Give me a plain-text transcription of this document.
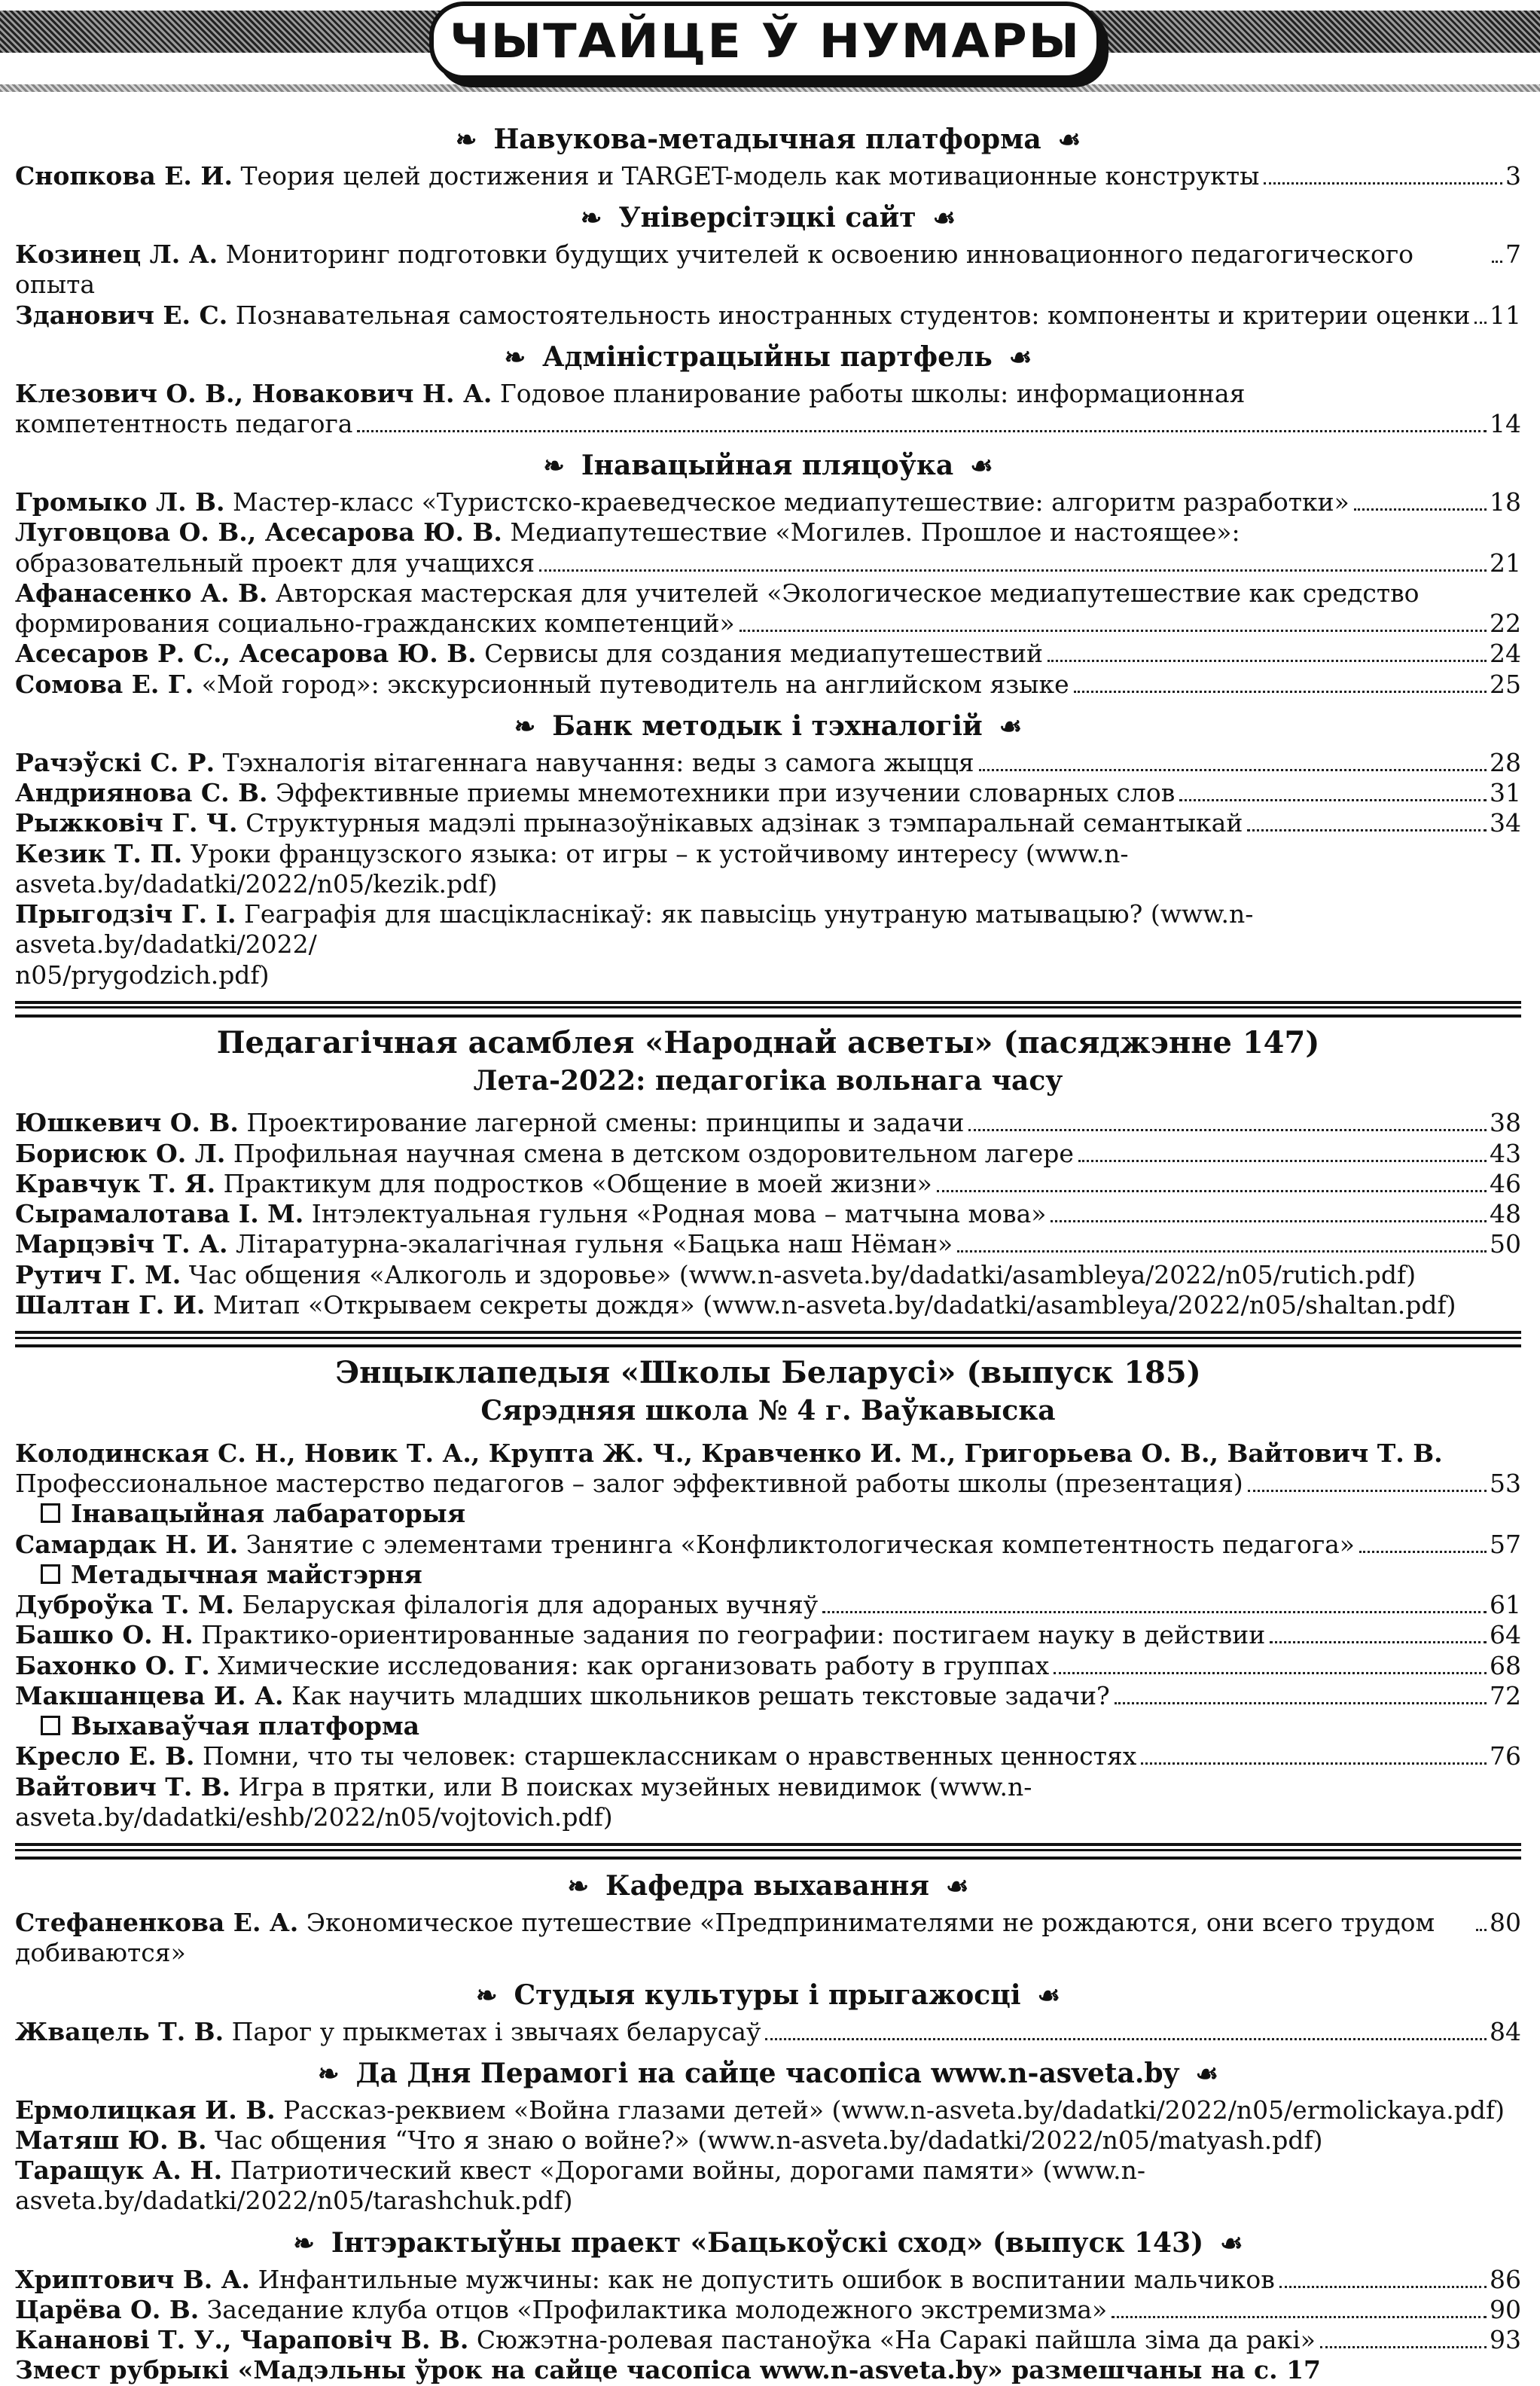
ЧЫТАЙЦЕ Ў НУМАРЫ
❧ Навукова-метадычная платформа ☙
Снопкова Е. И. Теория целей достижения и TARGET-модель как мотивационные конструкты	3
❧ Універсітэцкі сайт ☙
Козинец Л. А. Мониторинг подготовки будущих учителей к освоению инновационного педагогического опыта
7
Зданович Е. С. Познавательная самостоятельность иностранных студентов: компоненты и критерии оценки 11
❧ Адміністрацыйны партфель ☙
Клезович О. В., Новакович Н. А. Годовое планирование работы школы: информационная
компетентность педагога	14
❧ Інавацыйная пляцоўка ☙
Громыко Л. В. Мастер-класс «Туристско-краеведческое медиапутешествие: алгоритм разработки»	18
Луговцова О. В., Асесарова Ю. В. Медиапутешествие «Могилев. Прошлое и настоящее»:
образовательный проект для учащихся	21
Афанасенко А. В. Авторская мастерская для учителей «Экологическое медиапутешествие как средство
формирования социально-гражданских компетенций»	22
Асесаров Р. С., Асесарова Ю. В. Сервисы для создания медиапутешествий	24
Сомова Е. Г. «Мой город»: экскурсионный путеводитель на английском языке	25
❧ Банк методык і тэхналогій ☙
Рачэўскі С. Р. Тэхналогія вітагеннага навучання: веды з самога жыцця	28
Андриянова С. В. Эффективные приемы мнемотехники при изучении словарных слов	31
Рыжковіч Г. Ч. Структурныя мадэлі прыназоўнікавых адзінак з тэмпаральнай семантыкай	34
Кезик Т. П. Уроки французского языка: от игры – к устойчивому интересу (www.n-asveta.by/dadatki/2022/n05/kezik.pdf)
Прыгодзіч Г. І. Геаграфія для шасцікласнікаў: як павысіць унутраную матывацыю? (www.n-asveta.by/dadatki/2022/
n05/prygodzich.pdf)
Педагагічная асамблея «Народнай асветы» (пасяджэнне 147)
Лета-2022: педагогіка вольнага часу
Юшкевич О. В. Проектирование лагерной смены: принципы и задачи	38
Борисюк О. Л. Профильная научная смена в детском оздоровительном лагере	43
Кравчук Т. Я. Практикум для подростков «Общение в моей жизни»	46
Сырамалотава І. М. Інтэлектуальная гульня «Родная мова – матчына мова»	48
Марцэвіч Т. А. Літаратурна-экалагічная гульня «Бацька наш Нёман»	50
Рутич Г. М. Час общения «Алкоголь и здоровье» (www.n-asveta.by/dadatki/asambleya/2022/n05/rutich.pdf)
Шалтан Г. И. Митап «Открываем секреты дождя» (www.n-asveta.by/dadatki/asambleya/2022/n05/shaltan.pdf)
Энцыклапедыя «Школы Беларусі» (выпуск 185)
Сярэдняя школа № 4 г. Ваўкавыска
Колодинская С. Н., Новик Т. А., Крупта Ж. Ч., Кравченко И. М., Григорьева О. В., Вайтович Т. В.
Профессиональное мастерство педагогов – залог эффективной работы школы (презентация)	53
Інавацыйная лабараторыя
Самардак Н. И. Занятие с элементами тренинга «Конфликтологическая компетентность педагога»	57
Метадычная майстэрня
Дуброўка Т. М. Беларуская філалогія для адораных вучняў	61
Башко О. Н. Практико-ориентированные задания по географии: постигаем науку в действии	64
Бахонко О. Г. Химические исследования: как организовать работу в группах	68
Макшанцева И. А. Как научить младших школьников решать текстовые задачи?	72
Выхаваўчая платформа
Кресло Е. В. Помни, что ты человек: старшеклассникам о нравственных ценностях	76
Вайтович Т. В. Игра в прятки, или В поисках музейных невидимок (www.n-asveta.by/dadatki/eshb/2022/n05/vojtovich.pdf)
❧ Кафедра выхавання ☙
Стефаненкова Е. А. Экономическое путешествие «Предпринимателями не рождаются, они всего трудом добиваются»
80
❧ Студыя культуры і прыгажосці ☙
Жвацель Т. В. Парог у прыкметах і звычаях беларусаў	84
❧ Да Дня Перамогі на сайце часопіса www.n-asveta.by ☙
Ермолицкая И. В. Рассказ-реквием «Война глазами детей» (www.n-asveta.by/dadatki/2022/n05/ermolickaya.pdf)
Матяш Ю. В. Час общения “Что я знаю о войне?» (www.n-asveta.by/dadatki/2022/n05/matyash.pdf)
Таращук А. Н. Патриотический квест «Дорогами войны, дорогами памяти» (www.n-asveta.by/dadatki/2022/n05/tarashchuk.pdf)
❧ Інтэрактыўны праект «Бацькоўскі сход» (выпуск 143) ☙
Хриптович В. А. Инфантильные мужчины: как не допустить ошибок в воспитании мальчиков	86
Царёва О. В. Заседание клуба отцов «Профилактика молодежного экстремизма»	90
Кананові Т. У., Чараповіч В. В. Сюжэтна-ролевая пастаноўка «На Саракі пайшла зіма да ракі»	93
Змест рубрыкі «Мадэльны ўрок на сайце часопіса www.n-asveta.by» размешчаны на с. 17
